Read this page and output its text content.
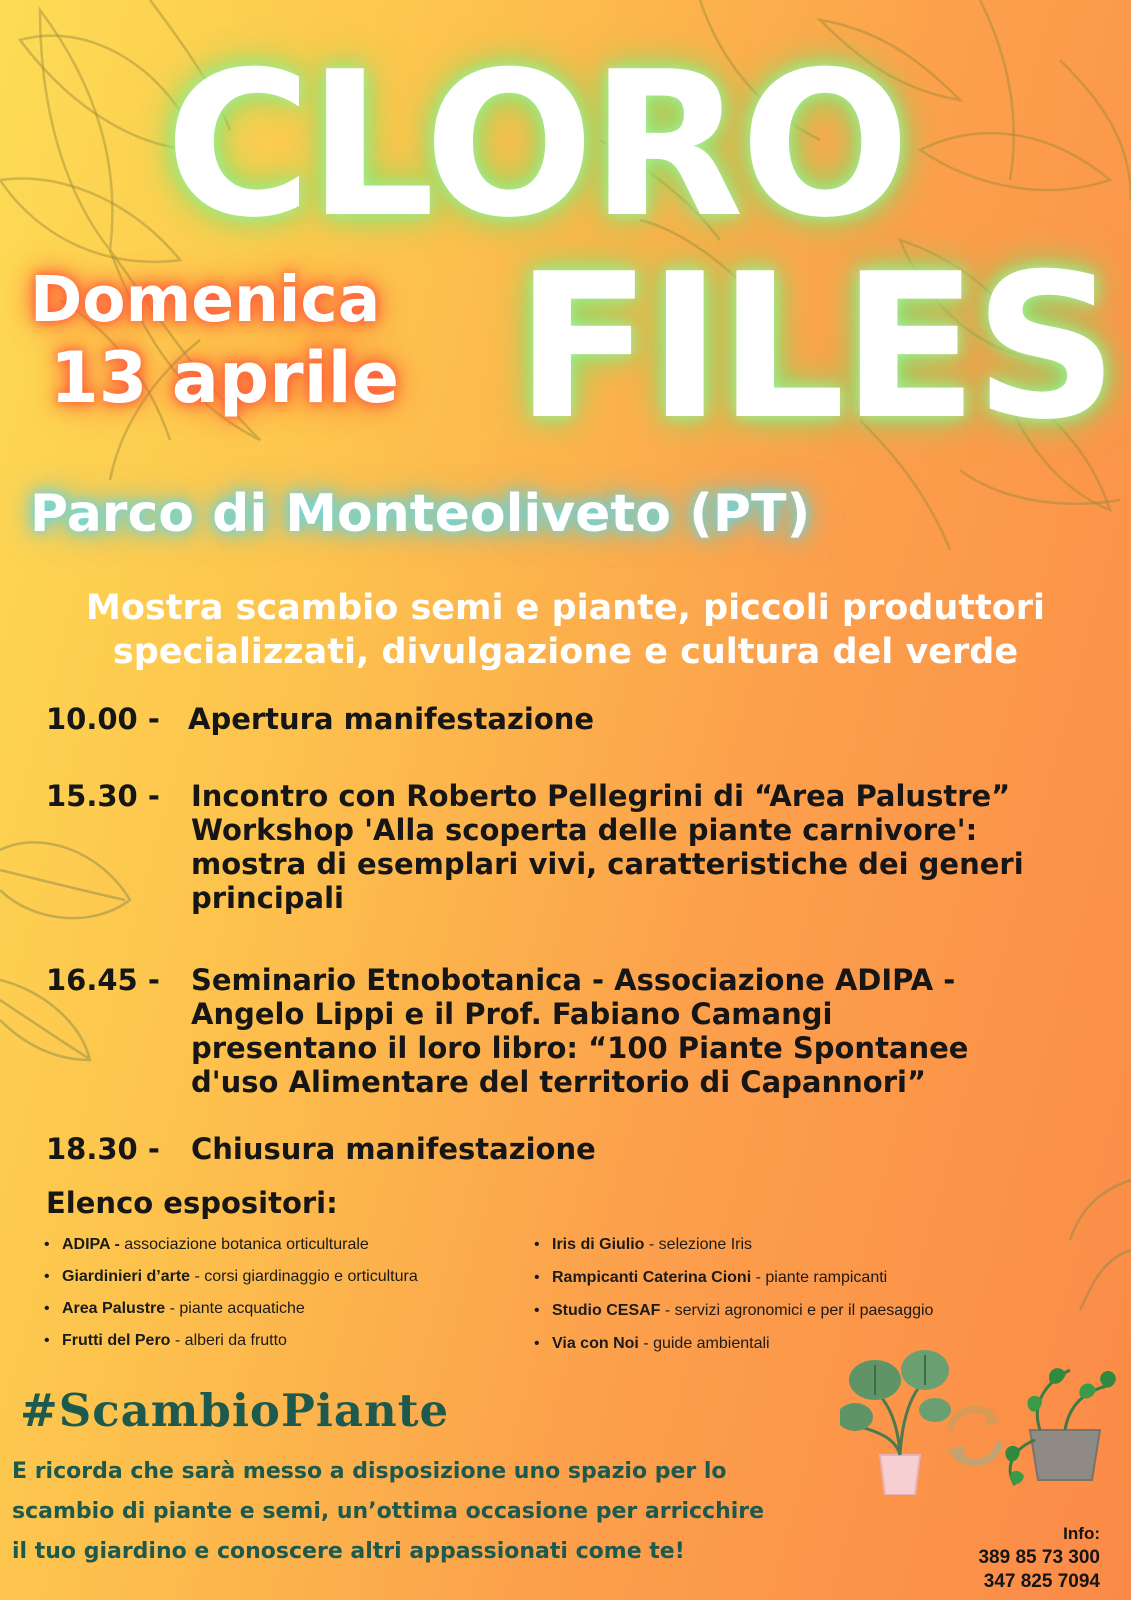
CLORO
FILES
Domenica
13 aprile
Parco di Monteoliveto (PT)
Mostra scambio semi e piante, piccoli produttori
specializzati, divulgazione e cultura del verde
10.00 - Apertura manifestazione
15.30 - Incontro con Roberto Pellegrini di “Area Palustre”
Workshop 'Alla scoperta delle piante carnivore':
mostra di esemplari vivi, caratteristiche dei generi
principali
16.45 - Seminario Etnobotanica - Associazione ADIPA -
Angelo Lippi e il Prof. Fabiano Camangi
presentano il loro libro: “100 Piante Spontanee
d'uso Alimentare del territorio di Capannori”
18.30 - Chiusura manifestazione
Elenco espositori:
• ADIPA - associazione botanica orticulturale
• Giardinieri d’arte - corsi giardinaggio e orticultura
• Area Palustre - piante acquatiche
• Frutti del Pero - alberi da frutto
• Iris di Giulio - selezione Iris
• Rampicanti Caterina Cioni - piante rampicanti
• Studio CESAF - servizi agronomici e per il paesaggio
• Via con Noi - guide ambientali
#ScambioPiante
E ricorda che sarà messo a disposizione uno spazio per lo
scambio di piante e semi, un’ottima occasione per arricchire
il tuo giardino e conoscere altri appassionati come te!
Info:
389 85 73 300
347 825 7094
